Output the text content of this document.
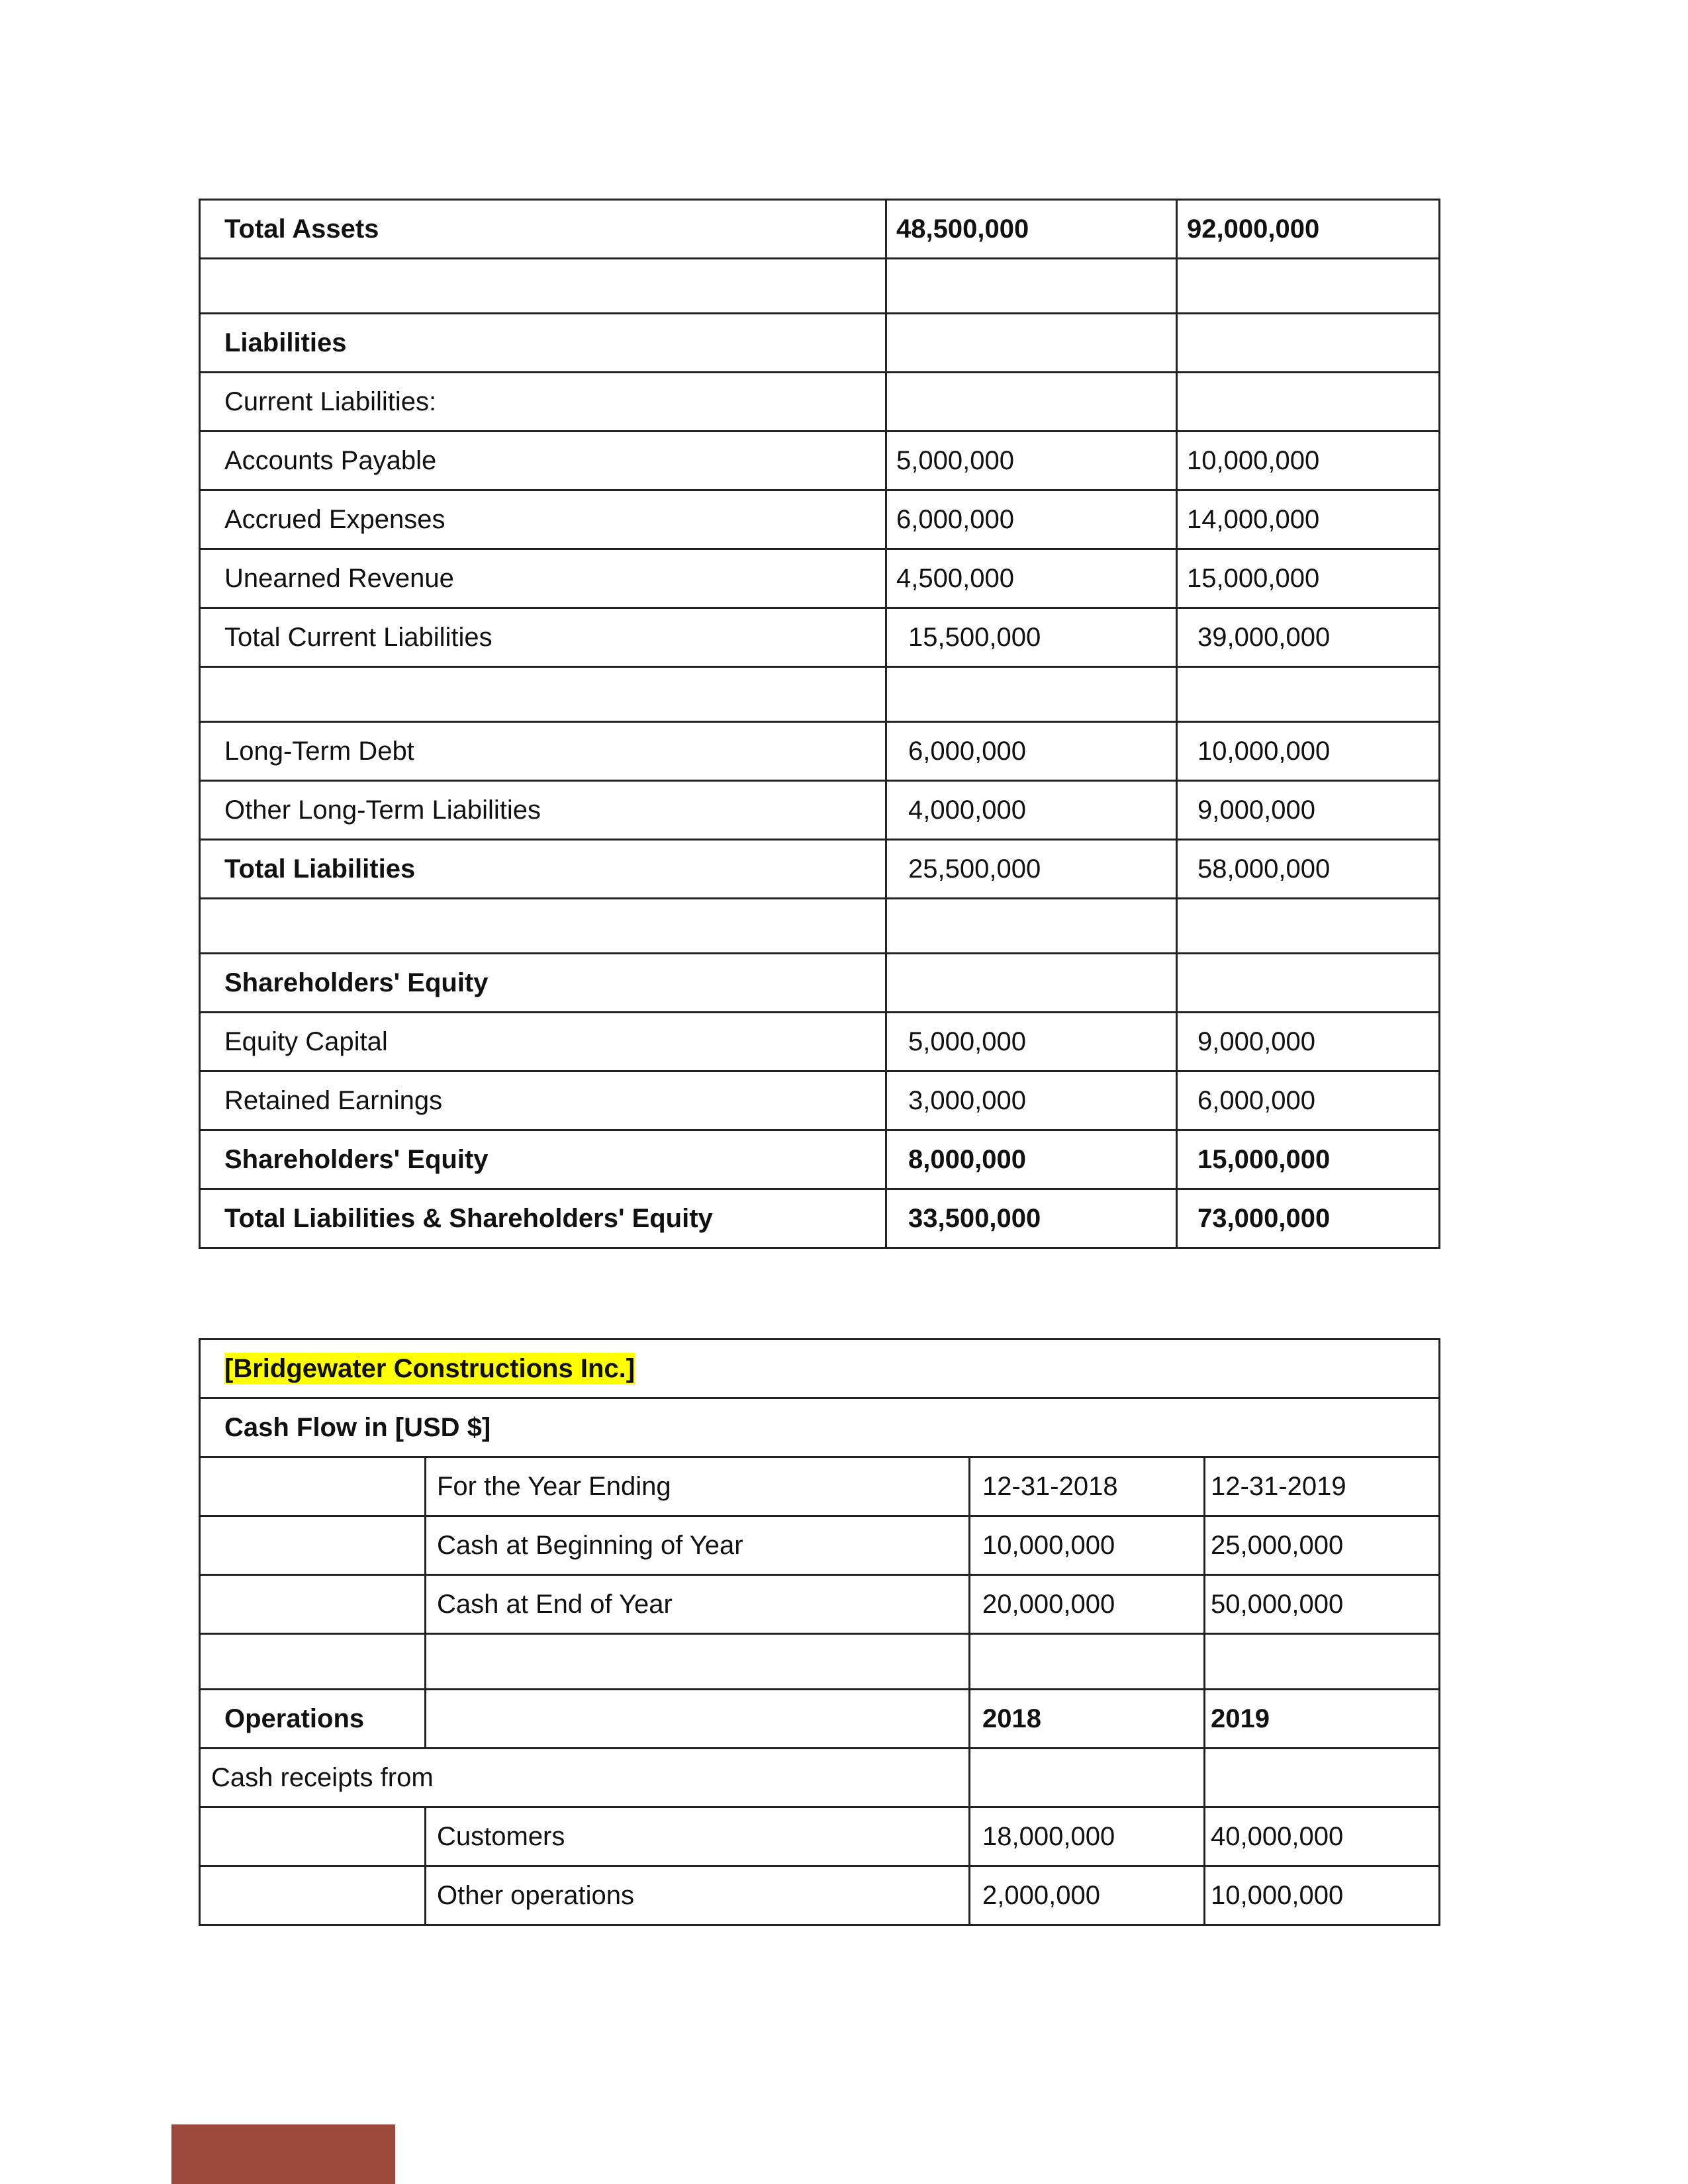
Total Assets	48,500,000	92,000,000

Liabilities		
Current Liabilities:		
Accounts Payable	5,000,000	10,000,000
Accrued Expenses	6,000,000	14,000,000
Unearned Revenue	4,500,000	15,000,000
Total Current Liabilities	15,500,000	39,000,000

Long-Term Debt	6,000,000	10,000,000
Other Long-Term Liabilities	4,000,000	9,000,000
Total Liabilities	25,500,000	58,000,000

Shareholders' Equity		
Equity Capital	5,000,000	9,000,000
Retained Earnings	3,000,000	6,000,000
Shareholders' Equity	8,000,000	15,000,000
Total Liabilities & Shareholders' Equity	33,500,000	73,000,000
[Bridgewater Constructions Inc.]			
Cash Flow in [USD $]			
	For the Year Ending	12-31-2018	12-31-2019
	Cash at Beginning of Year	10,000,000	25,000,000
	Cash at End of Year	20,000,000	50,000,000

Operations		2018	2019
Cash receipts from			
	Customers	18,000,000	40,000,000
	Other operations	2,000,000	10,000,000
